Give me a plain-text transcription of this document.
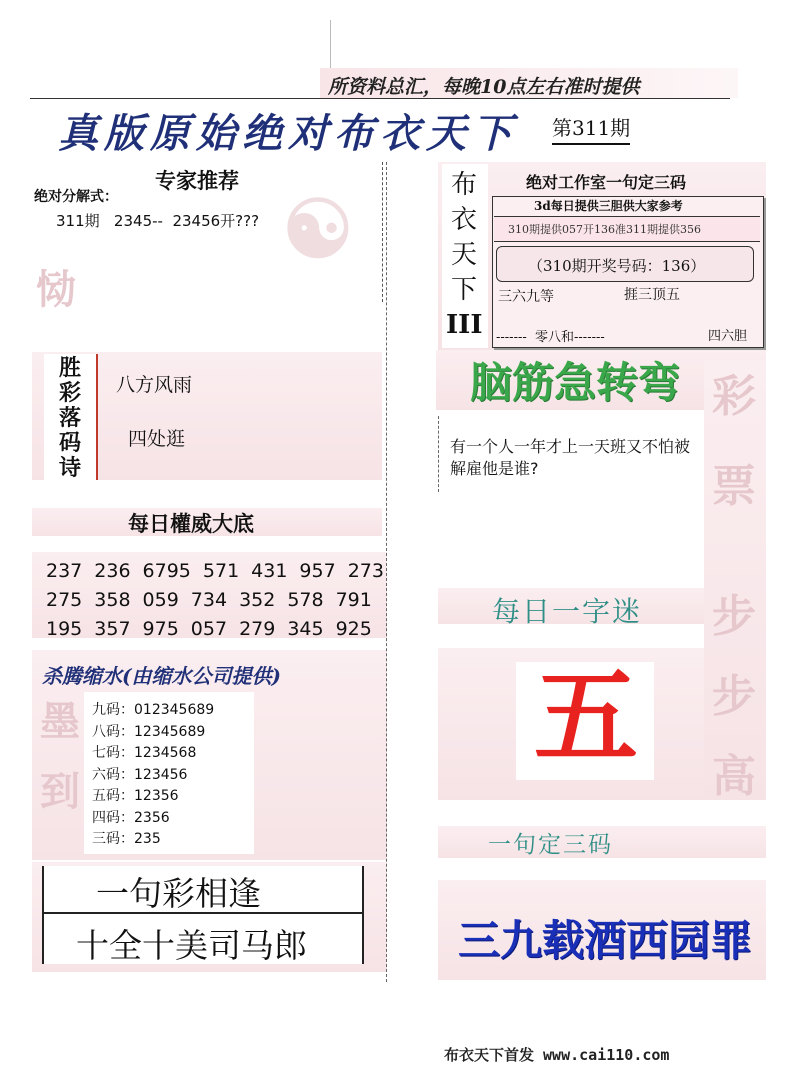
所资料总汇，每晚10点左右准时提供
真版原始绝对布衣天下 第311期
☯
专家推荐
绝对分解式：
311期   2345--  23456开???
恸
胜
彩
落
码
诗
八方风雨
四处逛
每日權威大底
237 236 6795 571 431 957 273
275 358 059 734 352 578 791
195 357 975 057 279 345 925
墨
到
杀腾缩水(由缩水公司提供)
九码：012345689
八码：12345689
七码：1234568
六码：123456
五码：12356
四码：2356
三码：235
一句彩相逢
十全十美司马郎
布
衣
天
下
III
绝对工作室一句定三码
3d每日提供三胆供大家参考
310期提供057开136准311期提供356
（310期开奖号码：136）
三六九等	捱三顶五
-------  零八和-------	四六胆
脑筋急转弯
有一个人一年才上一天班又不怕被解雇他是谁?
彩
票
步
步
高
每日一字迷
五
一句定三码
三九载酒西园罪
布衣天下首发 www.cai110.com
